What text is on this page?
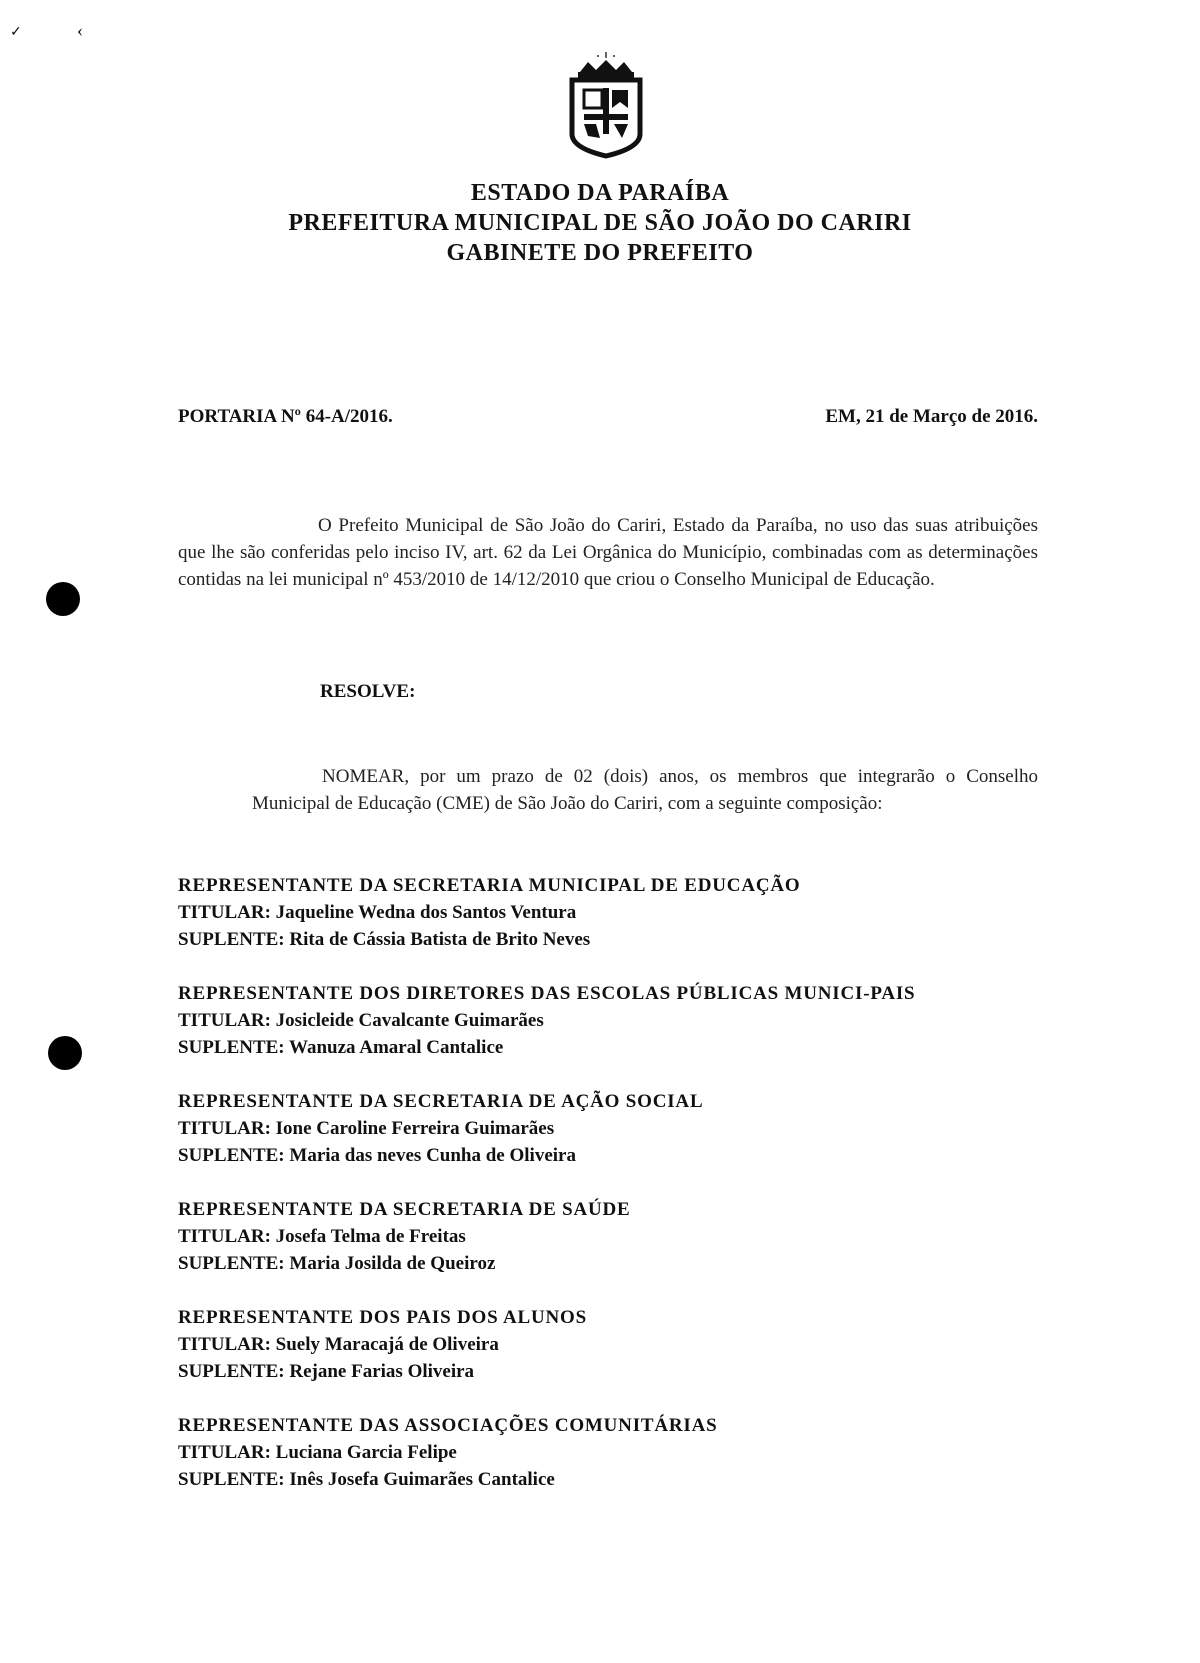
✓	‹
ESTADO DA PARAÍBA
PREFEITURA MUNICIPAL DE SÃO JOÃO DO CARIRI
GABINETE DO PREFEITO
PORTARIA Nº 64-A/2016.	EM, 21 de Março de 2016.

O Prefeito Municipal de São João do Cariri, Estado da Paraíba, no uso das suas atribuições que lhe são conferidas pelo inciso IV, art. 62 da Lei Orgânica do Município, combinadas com as determinações contidas na lei municipal nº 453/2010 de 14/12/2010 que criou o Conselho Municipal de Educação.

RESOLVE:

NOMEAR, por um prazo de 02 (dois) anos, os membros que integrarão o Conselho Municipal de Educação (CME) de São João do Cariri, com a seguinte composição:

REPRESENTANTE DA SECRETARIA MUNICIPAL DE EDUCAÇÃO
TITULAR: Jaqueline Wedna dos Santos Ventura
SUPLENTE: Rita de Cássia Batista de Brito Neves
REPRESENTANTE DOS DIRETORES DAS ESCOLAS PÚBLICAS MUNICI-PAIS
TITULAR: Josicleide Cavalcante Guimarães
SUPLENTE: Wanuza Amaral Cantalice
REPRESENTANTE DA SECRETARIA DE AÇÃO SOCIAL
TITULAR: Ione Caroline Ferreira Guimarães
SUPLENTE: Maria das neves Cunha de Oliveira
REPRESENTANTE DA SECRETARIA DE SAÚDE
TITULAR: Josefa Telma de Freitas
SUPLENTE: Maria Josilda de Queiroz
REPRESENTANTE DOS PAIS DOS ALUNOS
TITULAR: Suely Maracajá de Oliveira
SUPLENTE: Rejane Farias Oliveira
REPRESENTANTE DAS ASSOCIAÇÕES COMUNITÁRIAS
TITULAR: Luciana Garcia Felipe
SUPLENTE: Inês Josefa Guimarães Cantalice
